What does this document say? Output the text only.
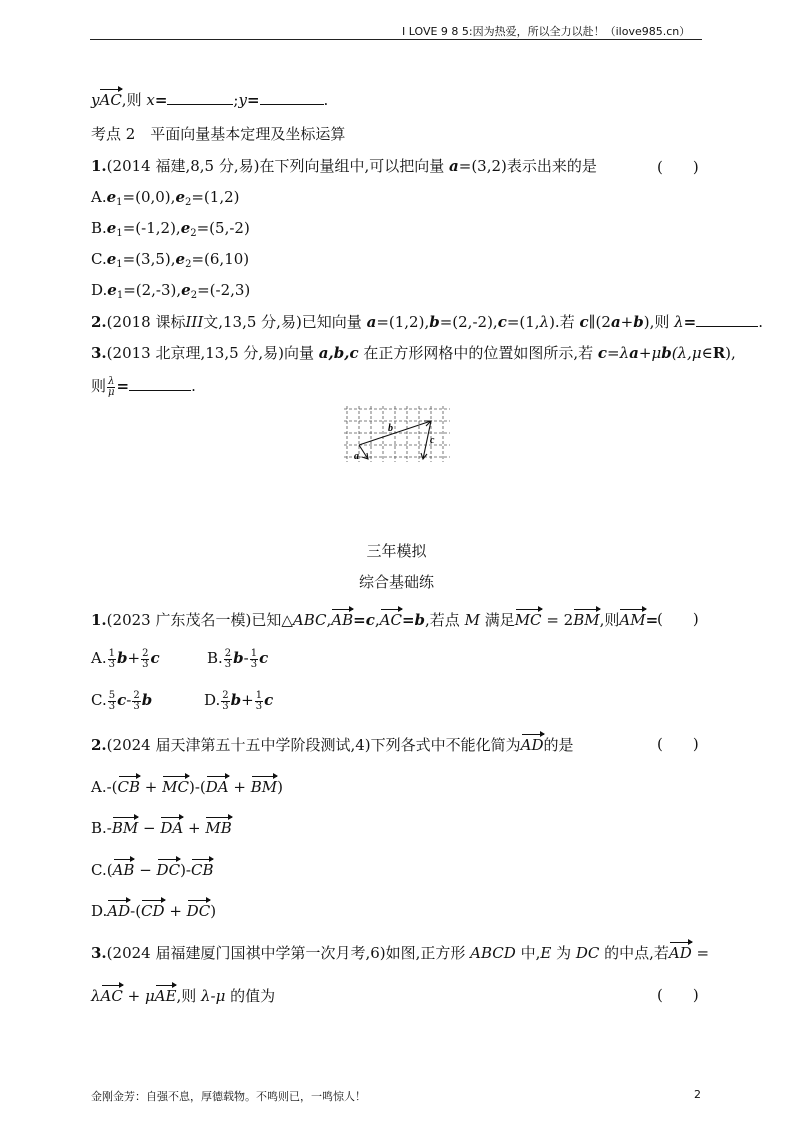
I LOVE 9 8 5:因为热爱，所以全力以赴！（ilove985.cn）
yAC,则 x=	;y=	.
考点 2　平面向量基本定理及坐标运算
1.(2014 福建,8,5 分,易)在下列向量组中,可以把向量 a=(3,2)表示出来的是	(　　)
$A.e_1=(0,0),e_2=(1,2)$
$B.e_1=(-1,2),e_2=(5,-2)$
$C.e_1=(3,5),e_2=(6,10)$
$D.e_1=(2,-3),e_2=(-2,3)$
2.(2018 课标III文,13,5 分,易)已知向量 a=(1,2),b=(2,-2),c=(1,λ).若 c∥(2a+b),则 λ=	.
3.(2013 北京理,13,5 分,易)向量 a,b,c 在正方形网格中的位置如图所示,若 c=λa+μb(λ,μ∈R),
则 $\frac{\lambda}{\mu}$ =	.
b
c
a
三年模拟
综合基础练
1.(2023 广东茂名一模)已知△ABC,AB=c,AC=b,若点 M 满足MC = 2BM,则AM=
(　　)
A. $\frac{1}{3} b+ \frac{2}{3}$ c	B. $\frac{2}{3} b- \frac{1}{3}$ c
C. $\frac{5}{3} c- \frac{2}{3}$ b	D. $\frac{2}{3} b+ \frac{1}{3}$ c
2.(2024 届天津第五十五中学阶段测试,4)下列各式中不能化简为AD的是	(　　)
A.-(CB + MC)-(DA + BM)
B.-BM − DA + MB
C.(AB − DC)-CB
D.AD-(CD + DC)
3.(2024 届福建厦门国祺中学第一次月考,6)如图,正方形 ABCD 中,E 为 DC 的中点,若AD =
λAC + μAE,则 λ-μ 的值为	(　　)
金刚金芳：自强不息，厚德载物。不鸣则已，一鸣惊人！	2
